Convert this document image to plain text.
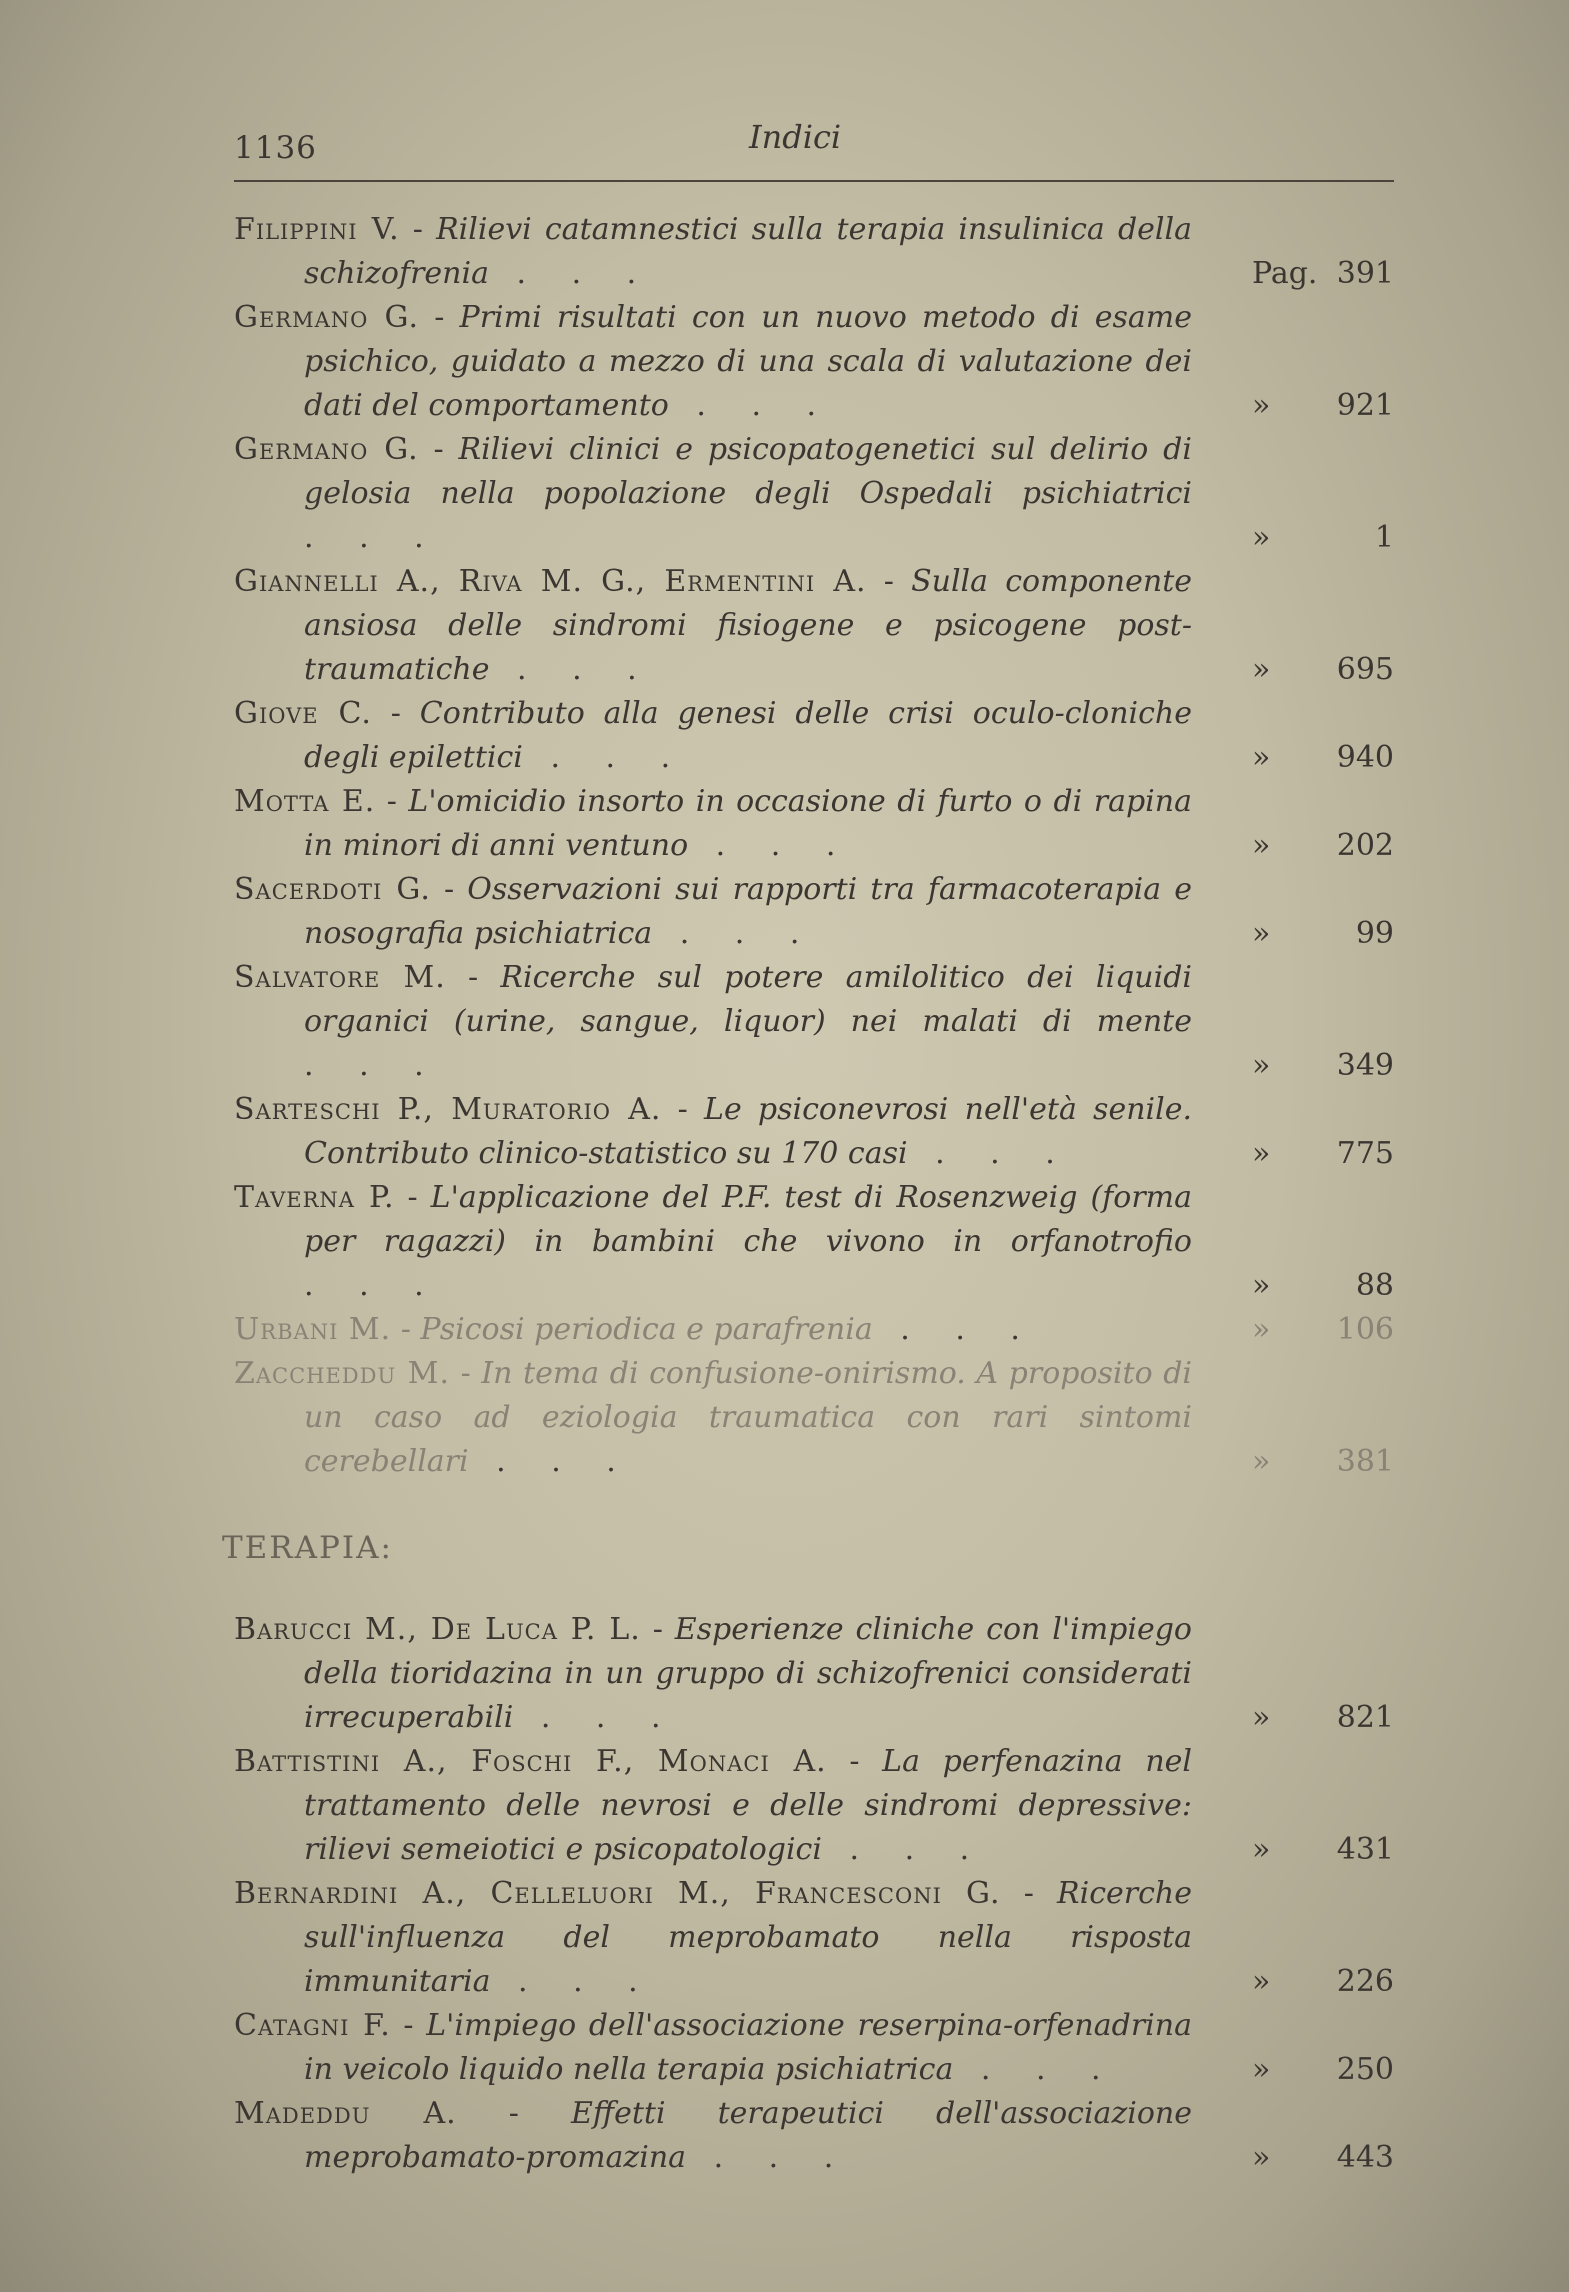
1136	Indici
Filippini V. - Rilievi catamnestici sulla terapia insulinica della schizofrenia . . .	Pag. 391
Germano G. - Primi risultati con un nuovo metodo di esame psichico, guidato a mezzo di una scala di valutazione dei dati del comportamento . . .	» 921
Germano G. - Rilievi clinici e psicopatogenetici sul delirio di gelosia nella popolazione degli Ospedali psichiatrici . . .	»	1
Giannelli A., Riva M. G., Ermentini A. - Sulla componente ansiosa delle sindromi fisiogene e psicogene post-traumatiche . . .	» 695
Giove C. - Contributo alla genesi delle crisi oculo-cloniche degli epilettici . . .	» 940
Motta E. - L'omicidio insorto in occasione di furto o di rapina in minori di anni ventuno . . .	» 202
Sacerdoti G. - Osservazioni sui rapporti tra farmacoterapia e nosografia psichiatrica . . .	»	99
Salvatore M. - Ricerche sul potere amilolitico dei liquidi organici (urine, sangue, liquor) nei malati di mente . . .	» 349
Sarteschi P., Muratorio A. - Le psiconevrosi nell'età senile. Contributo clinico-statistico su 170 casi . . .	» 775
Taverna P. - L'applicazione del P.F. test di Rosenzweig (forma per ragazzi) in bambini che vivono in orfanotrofio . . .	»	88
Urbani M. - Psicosi periodica e parafrenia . . .	» 106
Zaccheddu M. - In tema di confusione-onirismo. A proposito di un caso ad eziologia traumatica con rari sintomi cerebellari . . .	» 381
TERAPIA:
Barucci M., De Luca P. L. - Esperienze cliniche con l'impiego della tioridazina in un gruppo di schizofrenici considerati irrecuperabili . . .	» 821
Battistini A., Foschi F., Monaci A. - La perfenazina nel trattamento delle nevrosi e delle sindromi depressive: rilievi semeiotici e psicopatologici . . .	» 431
Bernardini A., Celleluori M., Francesconi G. - Ricerche sull'influenza del meprobamato nella risposta immunitaria . . .	» 226
Catagni F. - L'impiego dell'associazione reserpina-orfenadrina in veicolo liquido nella terapia psichiatrica . . .	» 250
Madeddu A. - Effetti terapeutici dell'associazione meprobamato-promazina . . .	» 443
